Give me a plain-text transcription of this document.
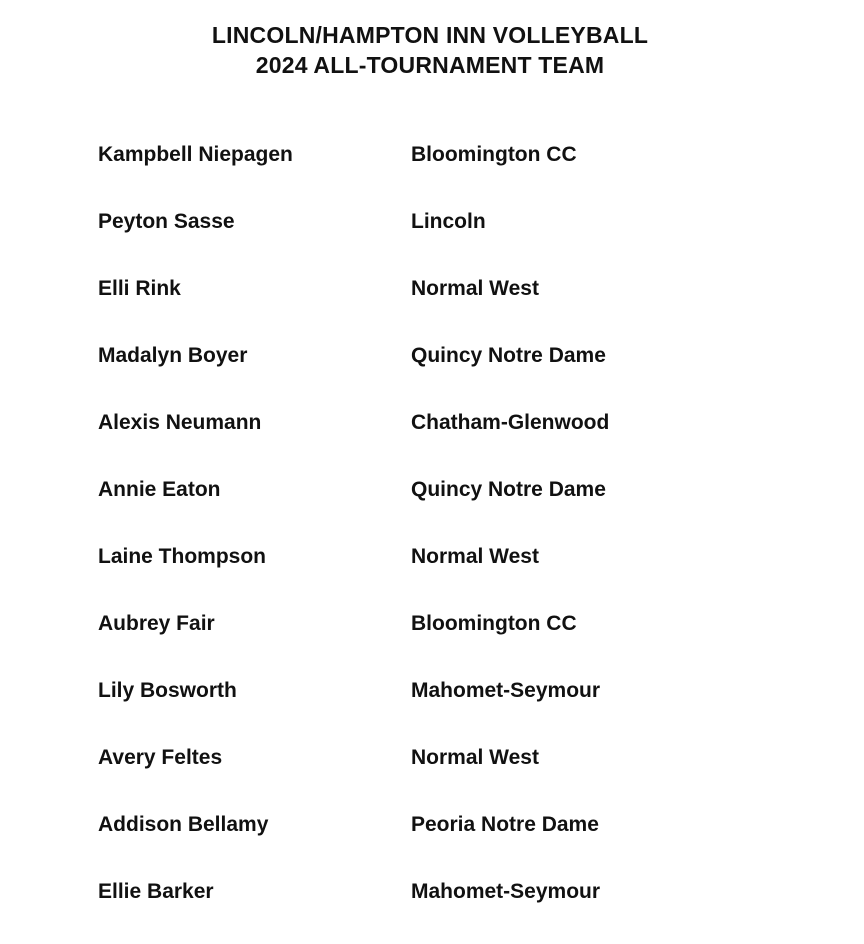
LINCOLN/HAMPTON INN VOLLEYBALL
2024 ALL-TOURNAMENT TEAM
Kampbell Niepagen	Bloomington CC
Peyton Sasse	Lincoln
Elli Rink	Normal West
Madalyn Boyer	Quincy Notre Dame
Alexis Neumann	Chatham-Glenwood
Annie Eaton	Quincy Notre Dame
Laine Thompson	Normal West
Aubrey Fair	Bloomington CC
Lily Bosworth	Mahomet-Seymour
Avery Feltes	Normal West
Addison Bellamy	Peoria Notre Dame
Ellie Barker	Mahomet-Seymour
